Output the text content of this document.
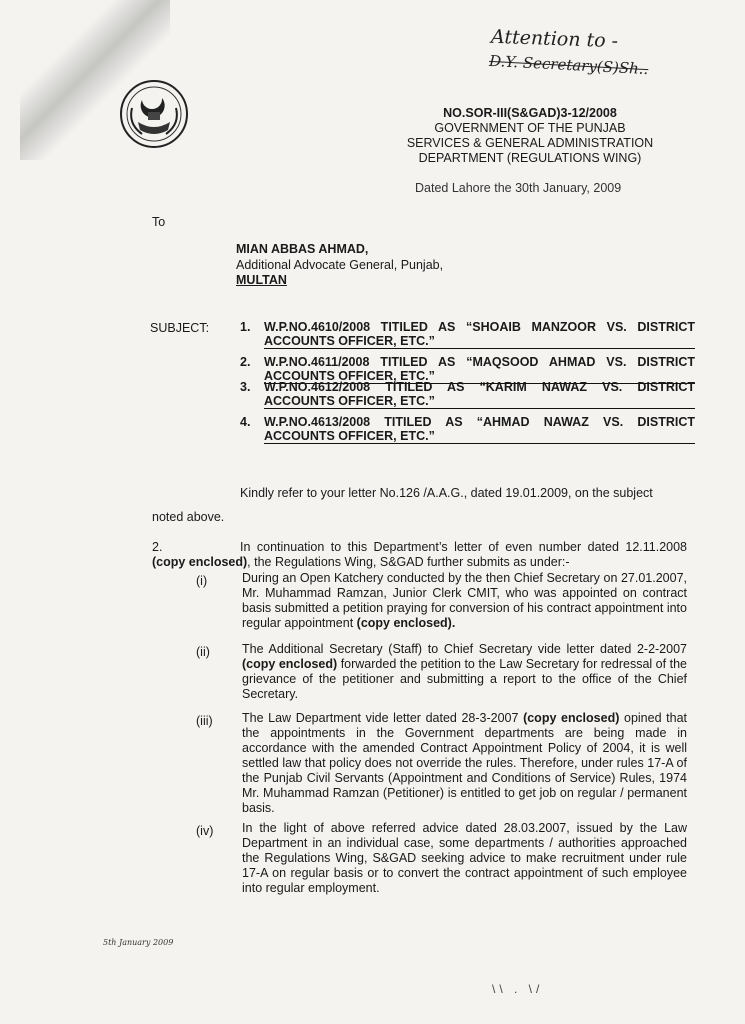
Attention to -
D.Y. Secretary(S)Sh..
NO.SOR-III(S&GAD)3-12/2008
GOVERNMENT OF THE PUNJAB
SERVICES & GENERAL ADMINISTRATION
DEPARTMENT (REGULATIONS WING)
Dated Lahore the 30th January, 2009
To
MIAN ABBAS AHMAD,
Additional Advocate General, Punjab,
MULTAN
SUBJECT: 1. W.P.NO.4610/2008 TITILED AS “SHOAIB MANZOOR VS. DISTRICT ACCOUNTS OFFICER, ETC.”
2. W.P.NO.4611/2008 TITILED AS “MAQSOOD AHMAD VS. DISTRICT ACCOUNTS OFFICER, ETC.”
3. W.P.NO.4612/2008 TITILED AS “KARIM NAWAZ VS. DISTRICT ACCOUNTS OFFICER, ETC.”
4. W.P.NO.4613/2008 TITILED AS “AHMAD NAWAZ VS. DISTRICT ACCOUNTS OFFICER, ETC.”
Kindly refer to your letter No.126 /A.A.G., dated 19.01.2009, on the subject
noted above.
2.	In continuation to this Department’s letter of even number dated 12.11.2008 (copy enclosed), the Regulations Wing, S&GAD further submits as under:-
(i)	During an Open Katchery conducted by the then Chief Secretary on 27.01.2007, Mr. Muhammad Ramzan, Junior Clerk CMIT, who was appointed on contract basis submitted a petition praying for conversion of his contract appointment into regular appointment (copy enclosed).
(ii)	The Additional Secretary (Staff) to Chief Secretary vide letter dated 2-2-2007 (copy enclosed) forwarded the petition to the Law Secretary for redressal of the grievance of the petitioner and submitting a report to the office of the Chief Secretary.
(iii) The Law Department vide letter dated 28-3-2007 (copy enclosed) opined that the appointments in the Government departments are being made in accordance with the amended Contract Appointment Policy of 2004, it is well settled law that policy does not override the rules. Therefore, under rules 17-A of the Punjab Civil Servants (Appointment and Conditions of Service) Rules, 1974 Mr. Muhammad Ramzan (Petitioner) is entitled to get job on regular / permanent basis.
(iv) In the light of above referred advice dated 28.03.2007, issued by the Law Department in an individual case, some departments / authorities approached the Regulations Wing, S&GAD seeking advice to make recruitment under rule 17-A on regular basis or to convert the contract appointment of such employee into regular employment.
5th January 2009
\\ . \/
